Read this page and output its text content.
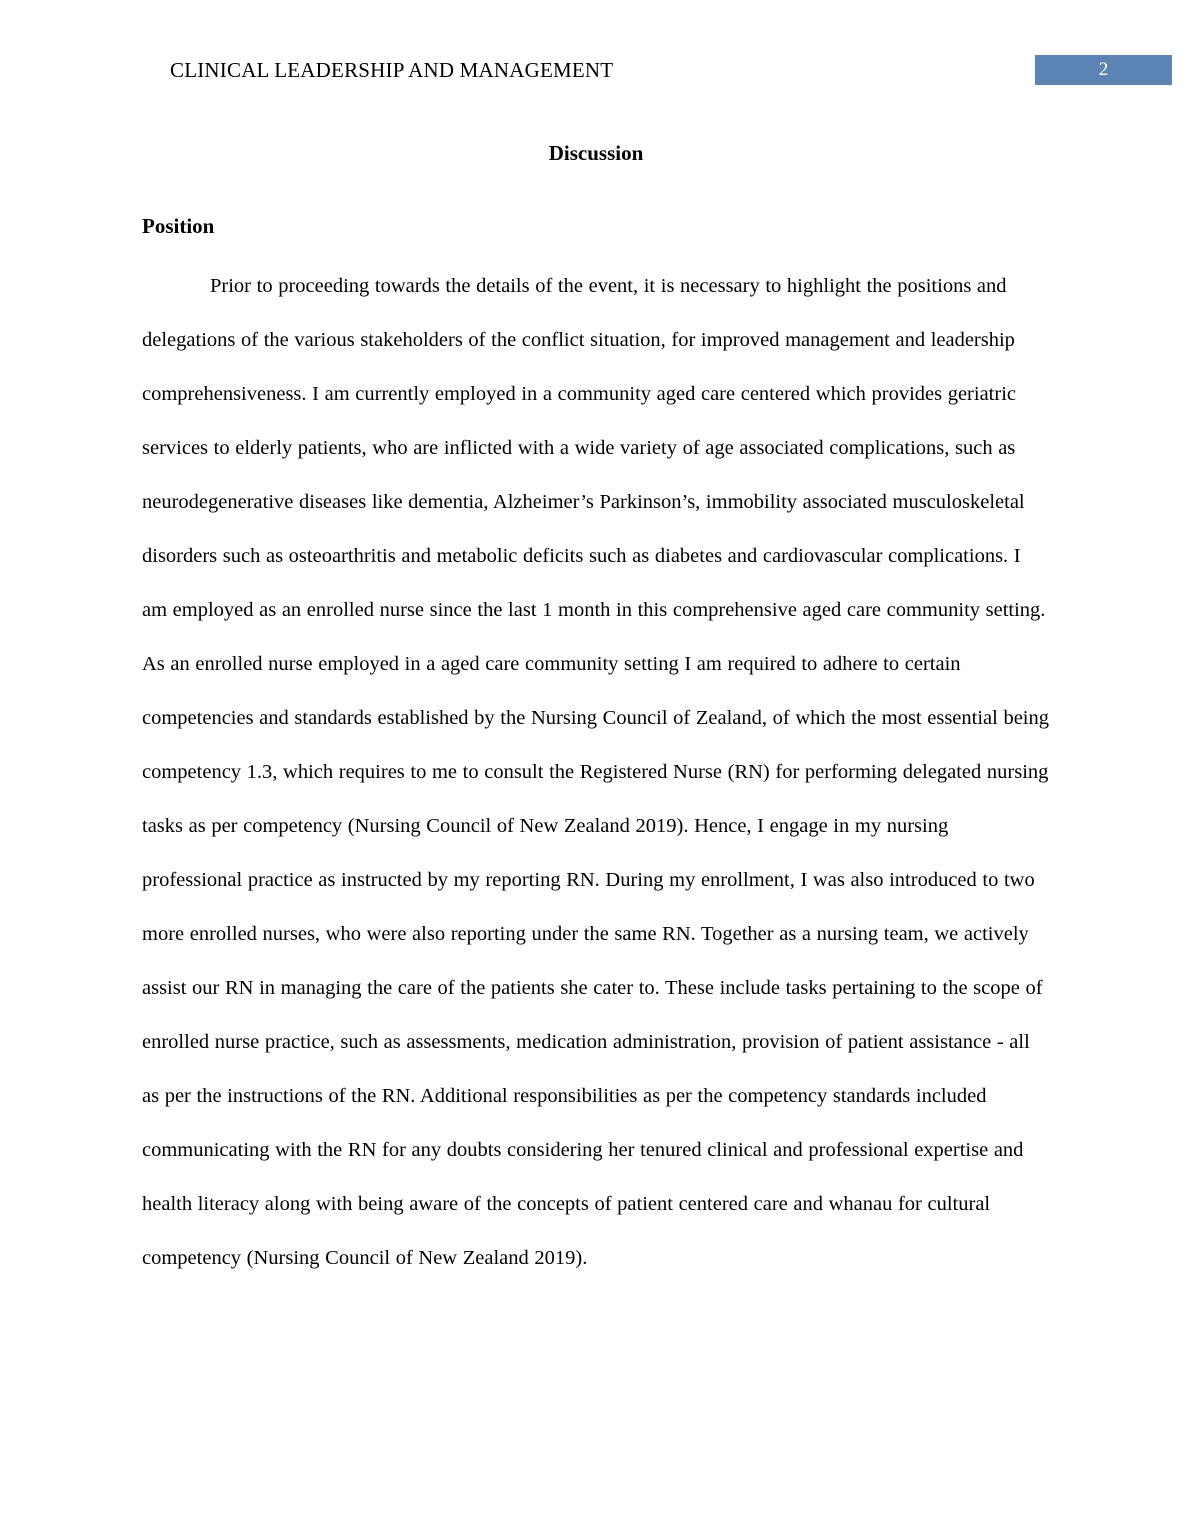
CLINICAL LEADERSHIP AND MANAGEMENT	2
Discussion
Position

Prior to proceeding towards the details of the event, it is necessary to highlight the positions and delegations of the various stakeholders of the conflict situation, for improved management and leadership comprehensiveness. I am currently employed in a community aged care centered which provides geriatric services to elderly patients, who are inflicted with a wide variety of age associated complications, such as neurodegenerative diseases like dementia, Alzheimer’s Parkinson’s, immobility associated musculoskeletal disorders such as osteoarthritis and metabolic deficits such as diabetes and cardiovascular complications. I am employed as an enrolled nurse since the last 1 month in this comprehensive aged care community setting. As an enrolled nurse employed in a aged care community setting I am required to adhere to certain competencies and standards established by the Nursing Council of Zealand, of which the most essential being competency 1.3, which requires to me to consult the Registered Nurse (RN) for performing delegated nursing tasks as per competency (Nursing Council of New Zealand 2019). Hence, I engage in my nursing professional practice as instructed by my reporting RN. During my enrollment, I was also introduced to two more enrolled nurses, who were also reporting under the same RN. Together as a nursing team, we actively assist our RN in managing the care of the patients she cater to. These include tasks pertaining to the scope of enrolled nurse practice, such as assessments, medication administration, provision of patient assistance - all as per the instructions of the RN. Additional responsibilities as per the competency standards included communicating with the RN for any doubts considering her tenured clinical and professional expertise and health literacy along with being aware of the concepts of patient centered care and whanau for cultural competency (Nursing Council of New Zealand 2019).
